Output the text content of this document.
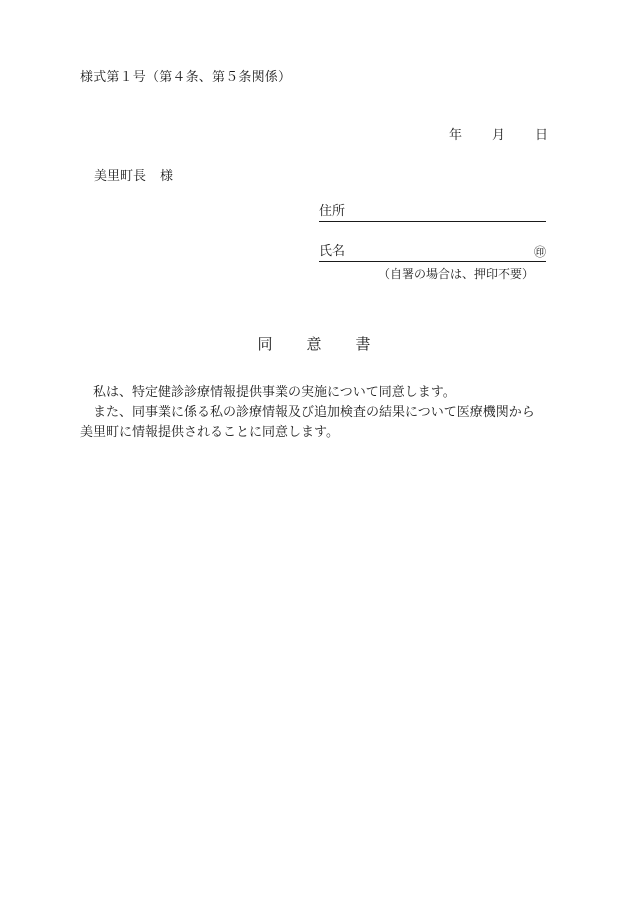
様式第１号（第４条、第５条関係）
年 月 日
美里町長 様
住所
氏名	㊞
（自署の場合は、押印不要）
同 意 書

私は、特定健診診療情報提供事業の実施について同意します。

また、同事業に係る私の診療情報及び追加検査の結果について医療機関から

美里町に情報提供されることに同意します。
